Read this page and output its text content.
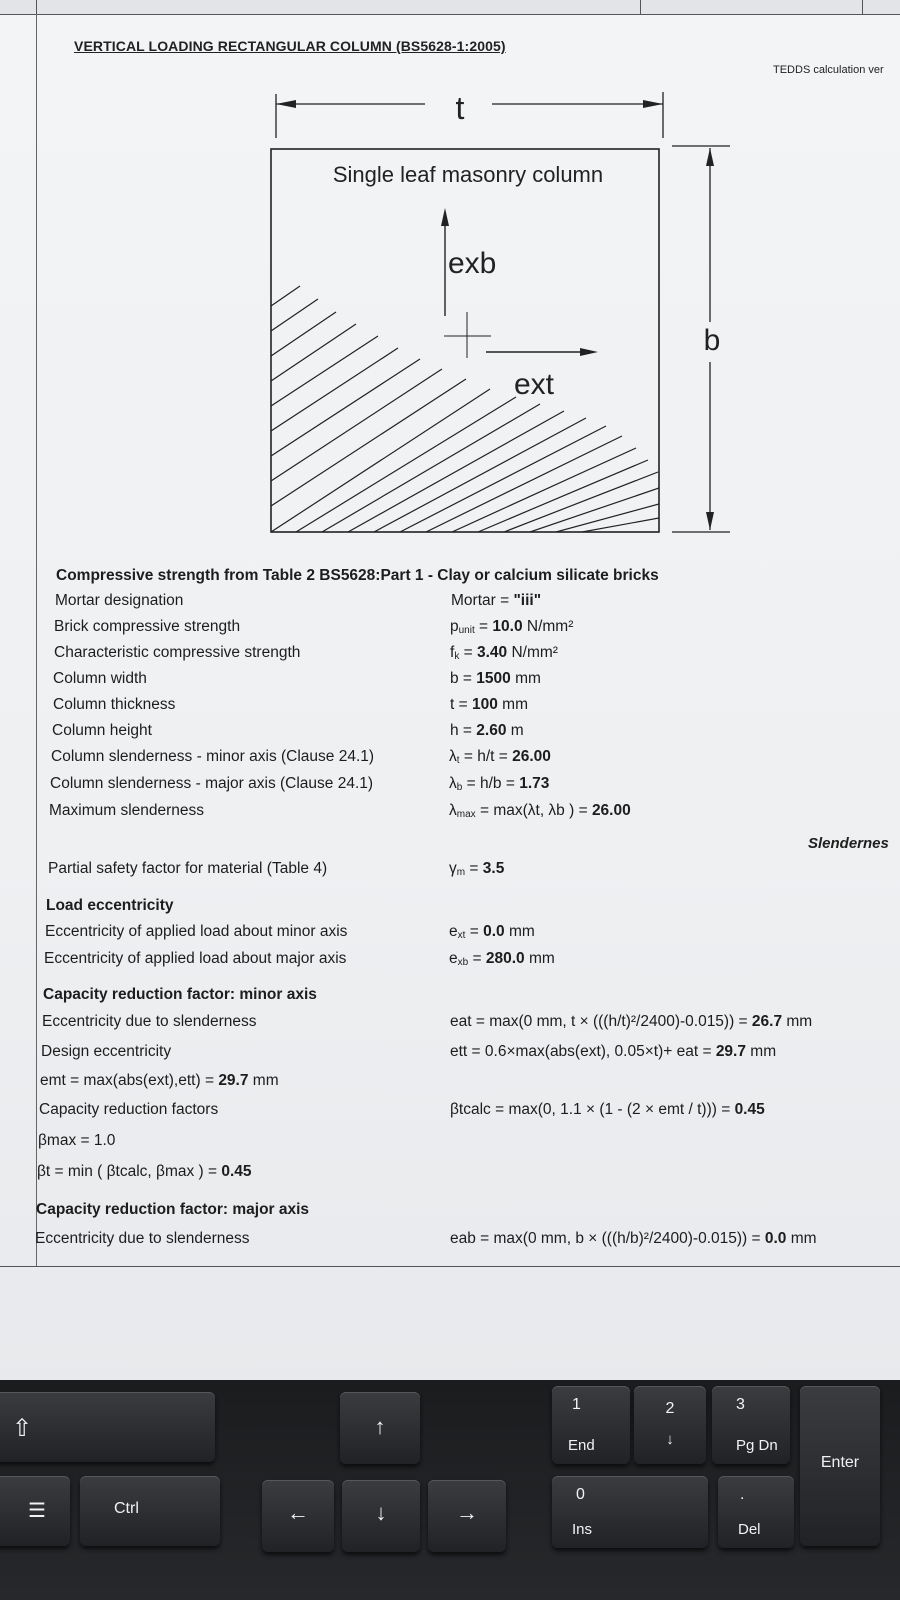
VERTICAL LOADING RECTANGULAR COLUMN (BS5628-1:2005)
TEDDS calculation ver
t
Single leaf masonry column
exb
ext
b
Compressive strength from Table 2 BS5628:Part 1 - Clay or calcium silicate bricks
Mortar designation	Mortar = "iii"
Brick compressive strength	$p_{unit} = 10.0$ N/mm²
Characteristic compressive strength	$f_k = 3.40$ N/mm²
Column width	b = 1500 mm
Column thickness	t = 100 mm
Column height	h = 2.60 m
Column slenderness - minor axis (Clause 24.1)	$\lambda_t = h/t = 26.00$
Column slenderness - major axis (Clause 24.1)	$\lambda_b = h/b = 1.73$
Maximum slenderness	$\lambda_{max} = \max(\lambda t$, λb ) = 26.00
Slendernes
Partial safety factor for material (Table 4)	$\gamma_m = 3.5$
Load eccentricity
Eccentricity of applied load about minor axis	$e_{xt} = 0.0$ mm
Eccentricity of applied load about major axis	$e_{xb} = 280.0$ mm
Capacity reduction factor: minor axis
Eccentricity due to slenderness	eat = max(0 mm, t × (((h/t)²/2400)-0.015)) = 26.7 mm
Design eccentricity	ett = 0.6×max(abs(ext), 0.05×t)+ eat = 29.7 mm
emt = max(abs(ext),ett) = 29.7 mm
Capacity reduction factors	βtcalc = max(0, 1.1 × (1 - (2 × emt / t))) = 0.45
βmax = 1.0
βt = min ( βtcalc, βmax ) = 0.45
Capacity reduction factor: major axis
Eccentricity due to slenderness	eab = max(0 mm, b × (((h/b)²/2400)-0.015)) = 0.0 mm
⇧
☰	Ctrl
↑
←	↓	→
1
End
2
↓
3
Pg Dn
Enter
0
Ins
.
Del
